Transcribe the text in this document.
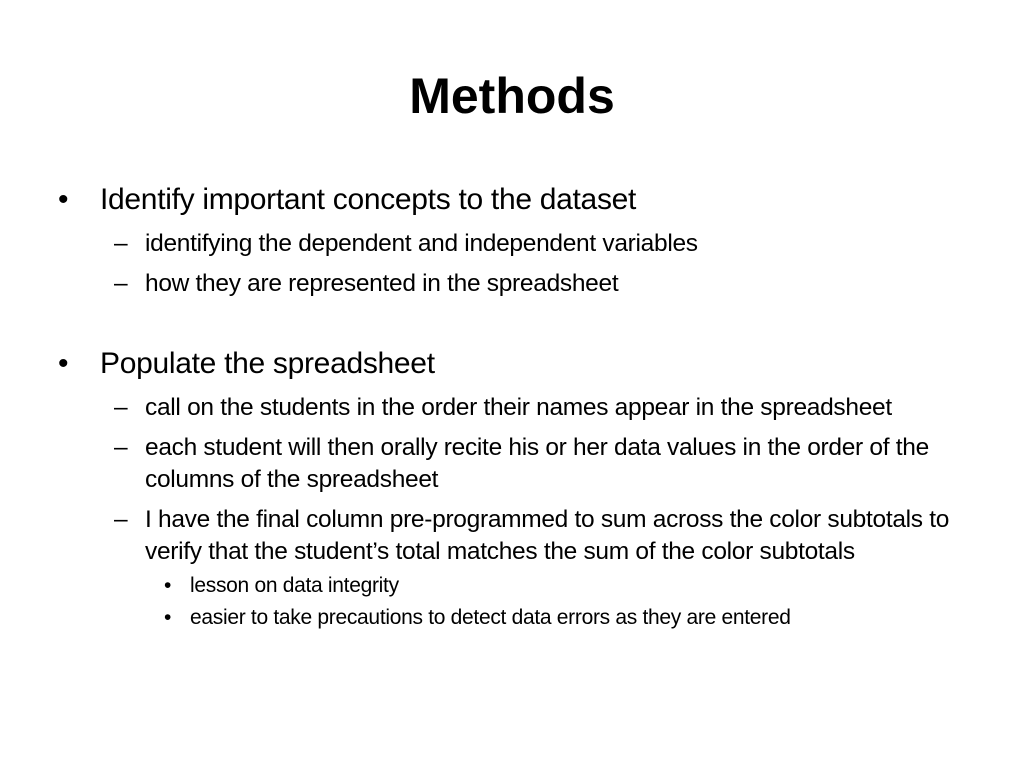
Methods
• Identify important concepts to the dataset
– identifying the dependent and independent variables
– how they are represented in the spreadsheet
• Populate the spreadsheet
– call on the students in the order their names appear in the spreadsheet
– each student will then orally recite his or her data values in the order of the columns of the spreadsheet
– I have the final column pre-programmed to sum across the color subtotals to verify that the student’s total matches the sum of the color subtotals
• lesson on data integrity
• easier to take precautions to detect data errors as they are entered
